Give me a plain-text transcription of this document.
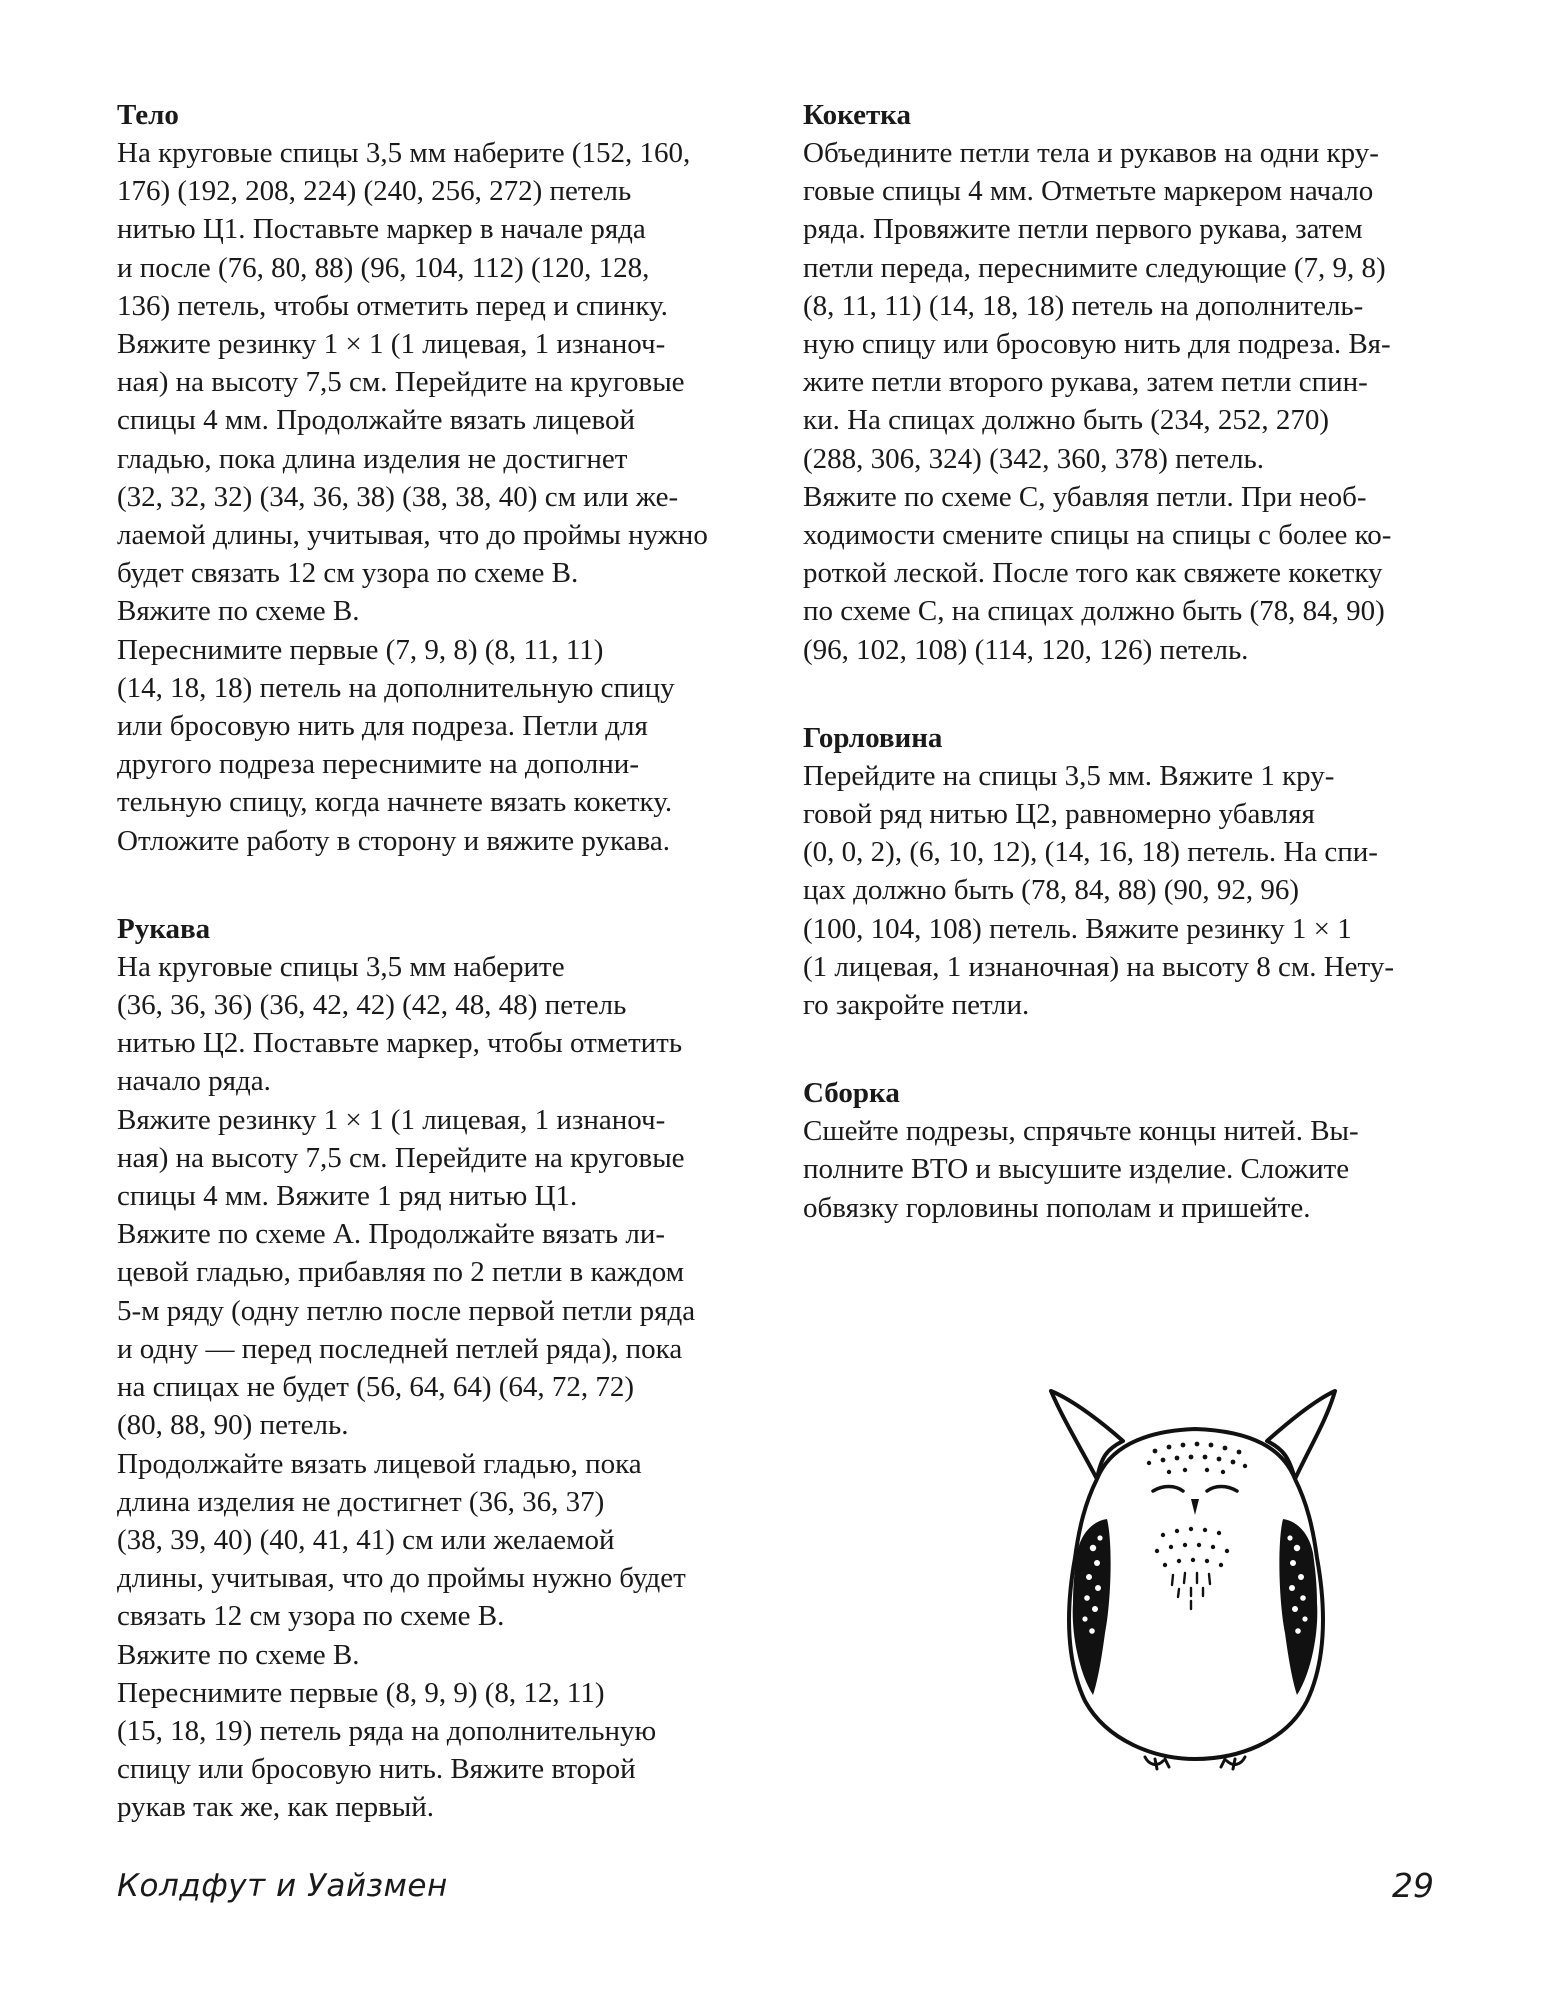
Тело
На круговые спицы 3,5 мм наберите (152, 160,
176) (192, 208, 224) (240, 256, 272) петель
нитью Ц1. Поставьте маркер в начале ряда
и после (76, 80, 88) (96, 104, 112) (120, 128,
136) петель, чтобы отметить перед и спинку.
Вяжите резинку 1 × 1 (1 лицевая, 1 изнаноч-
ная) на высоту 7,5 см. Перейдите на круговые
спицы 4 мм. Продолжайте вязать лицевой
гладью, пока длина изделия не достигнет
(32, 32, 32) (34, 36, 38) (38, 38, 40) см или же-
лаемой длины, учитывая, что до проймы нужно
будет связать 12 см узора по схеме В.
Вяжите по схеме В.
Переснимите первые (7, 9, 8) (8, 11, 11)
(14, 18, 18) петель на дополнительную спицу
или бросовую нить для подреза. Петли для
другого подреза переснимите на дополни-
тельную спицу, когда начнете вязать кокетку.
Отложите работу в сторону и вяжите рукава.
Рукава
На круговые спицы 3,5 мм наберите
(36, 36, 36) (36, 42, 42) (42, 48, 48) петель
нитью Ц2. Поставьте маркер, чтобы отметить
начало ряда.
Вяжите резинку 1 × 1 (1 лицевая, 1 изнаноч-
ная) на высоту 7,5 см. Перейдите на круговые
спицы 4 мм. Вяжите 1 ряд нитью Ц1.
Вяжите по схеме А. Продолжайте вязать ли-
цевой гладью, прибавляя по 2 петли в каждом
5-м ряду (одну петлю после первой петли ряда
и одну — перед последней петлей ряда), пока
на спицах не будет (56, 64, 64) (64, 72, 72)
(80, 88, 90) петель.
Продолжайте вязать лицевой гладью, пока
длина изделия не достигнет (36, 36, 37)
(38, 39, 40) (40, 41, 41) см или желаемой
длины, учитывая, что до проймы нужно будет
связать 12 см узора по схеме В.
Вяжите по схеме В.
Переснимите первые (8, 9, 9) (8, 12, 11)
(15, 18, 19) петель ряда на дополнительную
спицу или бросовую нить. Вяжите второй
рукав так же, как первый.
Кокетка
Объедините петли тела и рукавов на одни кру-
говые спицы 4 мм. Отметьте маркером начало
ряда. Провяжите петли первого рукава, затем
петли переда, переснимите следующие (7, 9, 8)
(8, 11, 11) (14, 18, 18) петель на дополнитель-
ную спицу или бросовую нить для подреза. Вя-
жите петли второго рукава, затем петли спин-
ки. На спицах должно быть (234, 252, 270)
(288, 306, 324) (342, 360, 378) петель.
Вяжите по схеме С, убавляя петли. При необ-
ходимости смените спицы на спицы с более ко-
роткой леской. После того как свяжете кокетку
по схеме С, на спицах должно быть (78, 84, 90)
(96, 102, 108) (114, 120, 126) петель.
Горловина
Перейдите на спицы 3,5 мм. Вяжите 1 кру-
говой ряд нитью Ц2, равномерно убавляя
(0, 0, 2), (6, 10, 12), (14, 16, 18) петель. На спи-
цах должно быть (78, 84, 88) (90, 92, 96)
(100, 104, 108) петель. Вяжите резинку 1 × 1
(1 лицевая, 1 изнаночная) на высоту 8 см. Нету-
го закройте петли.
Сборка
Сшейте подрезы, спрячьте концы нитей. Вы-
полните ВТО и высушите изделие. Сложите
обвязку горловины пополам и пришейте.
Колдфут и Уайзмен	29
